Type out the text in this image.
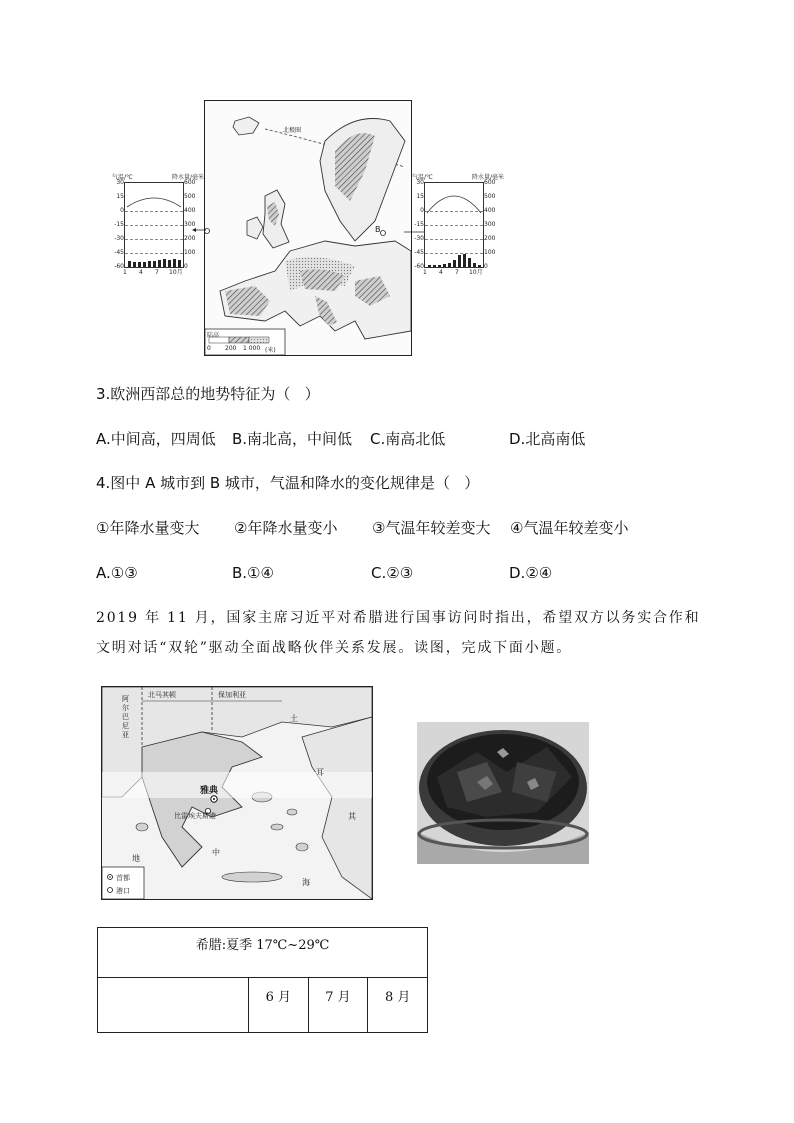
气温/℃	降水量/毫米
30
15
0
-15
-30
-45
-60
600
500
400
300
200
100
0
1 4 7 10月
气温/℃	降水量/毫米
30
15
0
-15
-30
-45
-60
600
500
400
300
200
100
0
1 4 7 10月
北极圈
陆高
0 200 1 000 (米)
B
3.欧洲西部总的地势特征为（   ）
A.中间高，四周低 B.南北高，中间低 C.南高北低	D.北高南低
4.图中 A 城市到 B 城市，气温和降水的变化规律是（   ）
①年降水量变大 ②年降水量变小 ③气温年较差变大 ④气温年较差变小
A.①③	B.①④	C.②③	D.②④
2019 年 11 月，国家主席习近平对希腊进行国事访问时指出，希望双方以务实合作和
文明对话“双轮”驱动全面战略伙伴关系发展。读图，完成下面小题。
阿尔巴尼亚
北马其顿	保加利亚
土
耳
其
雅典
比雷埃夫斯港
地
中
海
首都
港口
希腊:夏季 17℃~29℃
	6 月	7 月	8 月
